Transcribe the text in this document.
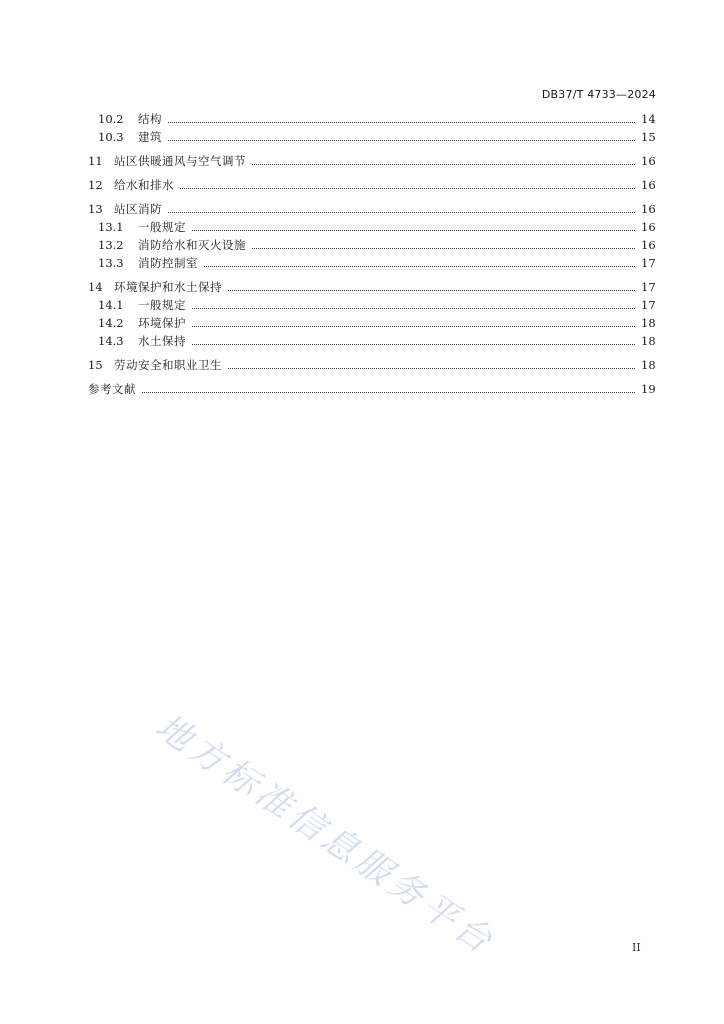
DB37/T 4733—2024
10.2	结构	14
10.3	建筑	15
11 站区供暖通风与空气调节	16
12 给水和排水	16
13 站区消防	16
13.1	一般规定	16
13.2	消防给水和灭火设施	16
13.3	消防控制室	17
14 环境保护和水土保持	17
14.1	一般规定	17
14.2	环境保护	18
14.3	水土保持	18
15 劳动安全和职业卫生	18
参考文献	19
地方标准信息服务平台	II
